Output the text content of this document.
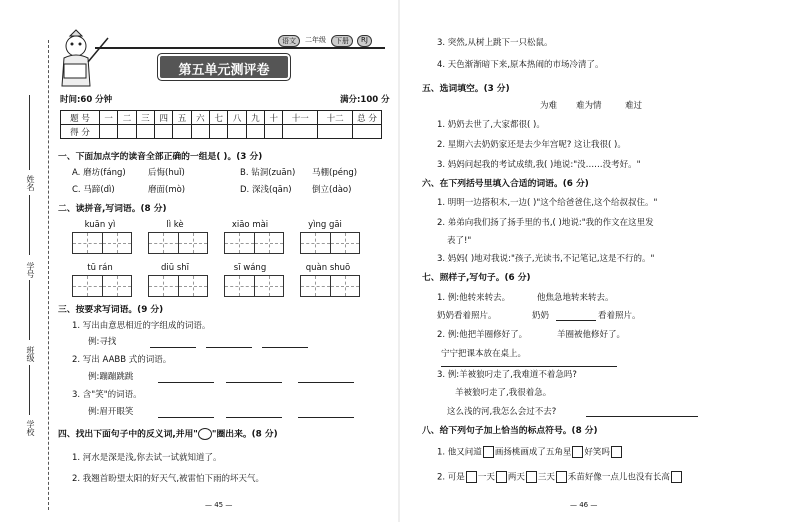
姓名
学号
班级
学校
语文	二年级	下册	RJ
第五单元测评卷
时间:60 分钟	满分:100 分
题 号	一	二	三	四	五	六	七	八	九	十	十一	十二	总 分
得 分													
一、下面加点字的读音全部正确的一组是( )。(3 分)
A. 磨坊(fáng)	后悔(huǐ)	B. 钻洞(zuān) 马棚(péng)
C. 马蹄(dì)	磨面(mò)	D. 深浅(qān) 倒立(dào)
二、读拼音,写词语。(8 分)
kuān yì	lì kè	xiāo mài	yìng gāi
tū rán	diū shī	sī wáng	quàn shuō
三、按要求写词语。(9 分)
1. 写出由意思相近的字组成的词语。
例:寻找
2. 写出 AABB 式的词语。
例:蹦蹦跳跳
3. 含"笑"的词语。
例:眉开眼笑
四、找出下面句子中的反义词,并用" "圈出来。(8 分)
1. 河水是深是浅,你去试一试就知道了。
2. 我翘首盼望太阳的好天气,被雷怕下雨的坏天气。
— 45 —
3. 突然,从树上跳下一只松鼠。
4. 天色渐渐暗下来,原本热闹的市场冷清了。
五、选词填空。(3 分)
为难 难为情	难过
1. 奶奶去世了,大家都很( )。
2. 星期六去奶奶家还是去少年宫呢? 这让我很( )。
3. 妈妈问起我的考试成绩,我( )地说:"没……没考好。"
六、在下列括号里填入合适的词语。(6 分)
1. 明明一边搭积木,一边( )"这个给爸爸住,这个给叔叔住。"
2. 弟弟向我们扬了扬手里的书,( )地说:"我的作文在这里发
表了!"
3. 妈妈( )地对我说:"孩子,光读书,不记笔记,这是不行的。"
七、照样子,写句子。(6 分)
1. 例:他转来转去。	他焦急地转来转去。
奶奶看着照片。	奶奶	看着照片。
2. 例:他把羊圈修好了。	羊圈被他修好了。
宁宁把课本放在桌上。
3. 例:羊被狼叼走了,我难道不着急吗?
羊被狼叼走了,我很着急。
这么浅的河,我怎么会过不去?
八、给下列句子加上恰当的标点符号。(8 分)
1. 他又问道 画扬桃画成了五角星 好笑吗
2. 可是 一天 两天 三天 禾苗好像一点儿也没有长高
— 46 —
